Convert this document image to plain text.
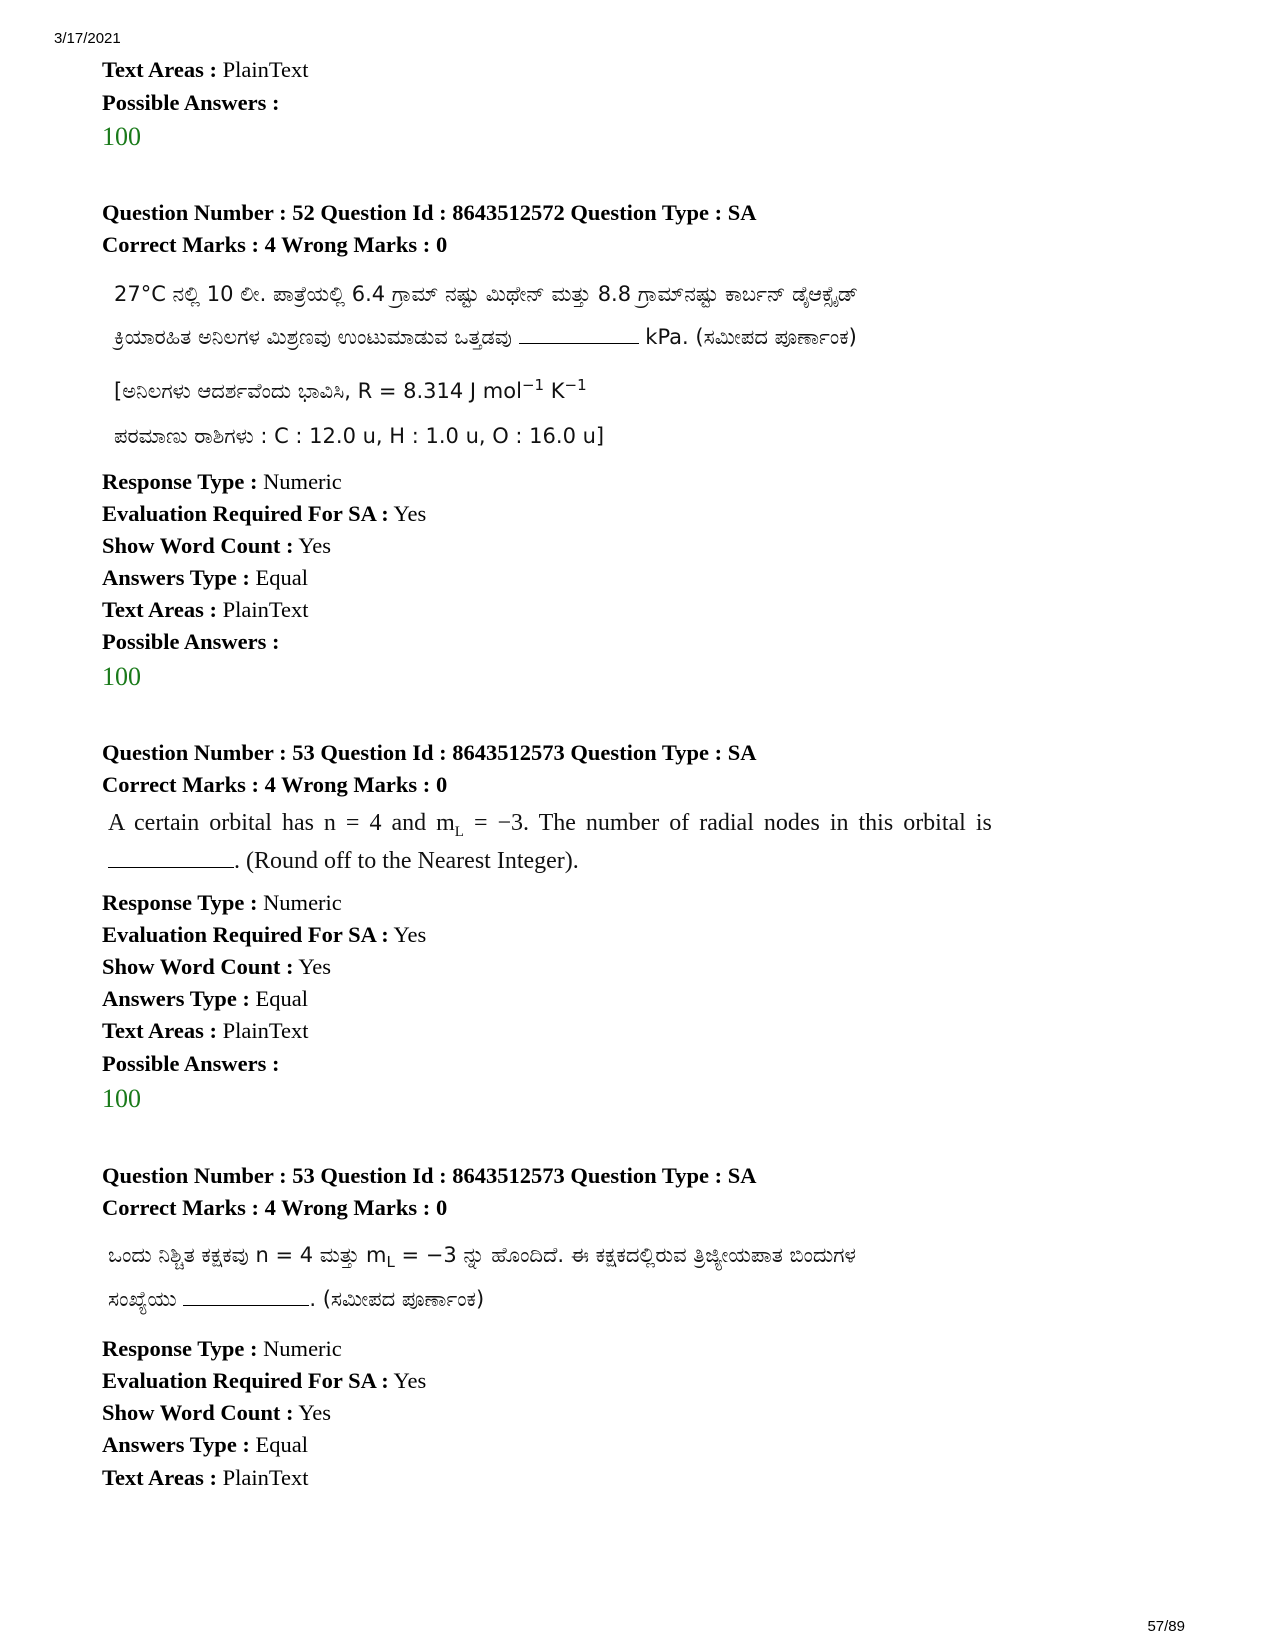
3/17/2021
Text Areas : PlainText
Possible Answers :
100
Question Number : 52 Question Id : 8643512572 Question Type : SA
Correct Marks : 4 Wrong Marks : 0
27°C ನಲ್ಲಿ 10 ಲೀ. ಪಾತ್ರೆಯಲ್ಲಿ 6.4 ಗ್ರಾಮ್ ನಷ್ಟು ಮಿಥೇನ್ ಮತ್ತು 8.8 ಗ್ರಾಮ್‌ನಷ್ಟು ಕಾರ್ಬನ್ ಡೈಆಕ್ಸೈಡ್
ಕ್ರಿಯಾರಹಿತ ಅನಿಲಗಳ ಮಿಶ್ರಣವು ಉಂಟುಮಾಡುವ ಒತ್ತಡವು	kPa. (ಸಮೀಪದ ಪೂರ್ಣಾಂಕ)
[ಅನಿಲಗಳು ಆದರ್ಶವೆಂದು ಭಾವಿಸಿ, R = 8.314 J mol$^{-1}$ $K^{-1}$
ಪರಮಾಣು ರಾಶಿಗಳು : C : 12.0 u, H : 1.0 u, O : 16.0 u]
Response Type : Numeric
Evaluation Required For SA : Yes
Show Word Count : Yes
Answers Type : Equal
Text Areas : PlainText
Possible Answers :
100
Question Number : 53 Question Id : 8643512573 Question Type : SA
Correct Marks : 4 Wrong Marks : 0
A certain orbital has n = 4 and $m_L = -3$. The number of radial nodes in this orbital is
. (Round off to the Nearest Integer).
Response Type : Numeric
Evaluation Required For SA : Yes
Show Word Count : Yes
Answers Type : Equal
Text Areas : PlainText
Possible Answers :
100
Question Number : 53 Question Id : 8643512573 Question Type : SA
Correct Marks : 4 Wrong Marks : 0
ಒಂದು ನಿಶ್ಚಿತ ಕಕ್ಷಕವು n = 4 ಮತ್ತು $m_L = -3$ ನ್ನು ಹೊಂದಿದೆ. ಈ ಕಕ್ಷಕದಲ್ಲಿರುವ ತ್ರಿಜ್ಯೀಯಪಾತ ಬಿಂದುಗಳ
ಸಂಖ್ಯೆಯು	. (ಸಮೀಪದ ಪೂರ್ಣಾಂಕ)
Response Type : Numeric
Evaluation Required For SA : Yes
Show Word Count : Yes
Answers Type : Equal
Text Areas : PlainText
57/89
